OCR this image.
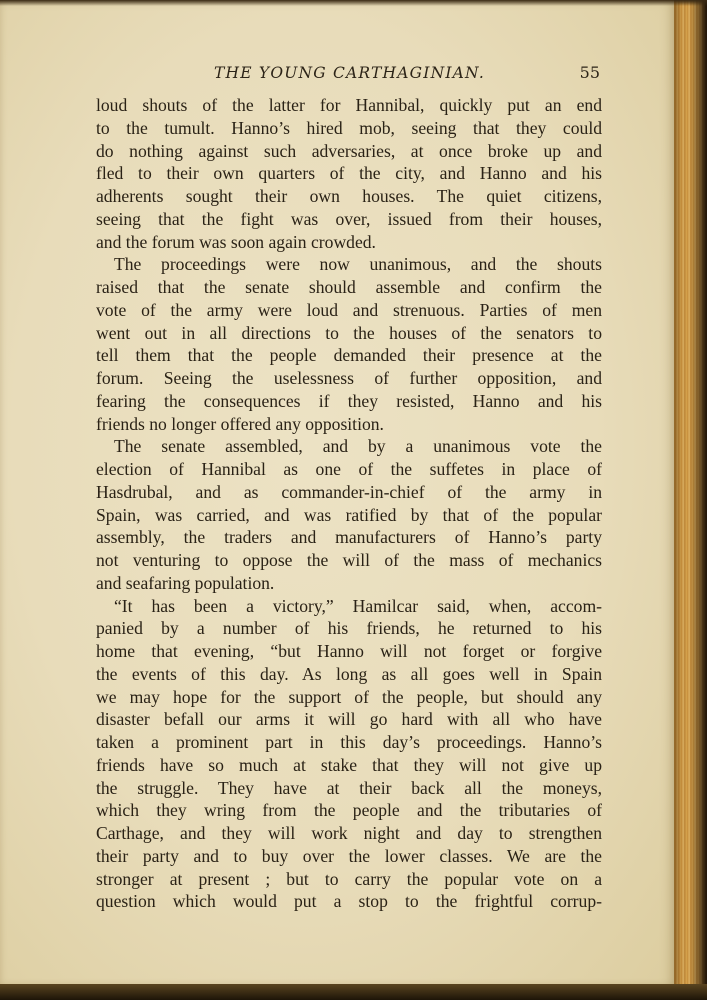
THE YOUNG CARTHAGINIAN.	55
loud shouts of the latter for Hannibal, quickly put an end
to the tumult. Hanno’s hired mob, seeing that they could
do nothing against such adversaries, at once broke up and
fled to their own quarters of the city, and Hanno and his
adherents sought their own houses. The quiet citizens,
seeing that the fight was over, issued from their houses,
and the forum was soon again crowded.
The proceedings were now unanimous, and the shouts
raised that the senate should assemble and confirm the
vote of the army were loud and strenuous. Parties of men
went out in all directions to the houses of the senators to
tell them that the people demanded their presence at the
forum. Seeing the uselessness of further opposition, and
fearing the consequences if they resisted, Hanno and his
friends no longer offered any opposition.
The senate assembled, and by a unanimous vote the
election of Hannibal as one of the suffetes in place of
Hasdrubal, and as commander-in-chief of the army in
Spain, was carried, and was ratified by that of the popular
assembly, the traders and manufacturers of Hanno’s party
not venturing to oppose the will of the mass of mechanics
and seafaring population.
“It has been a victory,” Hamilcar said, when, accom-
panied by a number of his friends, he returned to his
home that evening, “but Hanno will not forget or forgive
the events of this day. As long as all goes well in Spain
we may hope for the support of the people, but should any
disaster befall our arms it will go hard with all who have
taken a prominent part in this day’s proceedings. Hanno’s
friends have so much at stake that they will not give up
the struggle. They have at their back all the moneys,
which they wring from the people and the tributaries of
Carthage, and they will work night and day to strengthen
their party and to buy over the lower classes. We are the
stronger at present ; but to carry the popular vote on a
question which would put a stop to the frightful corrup-
